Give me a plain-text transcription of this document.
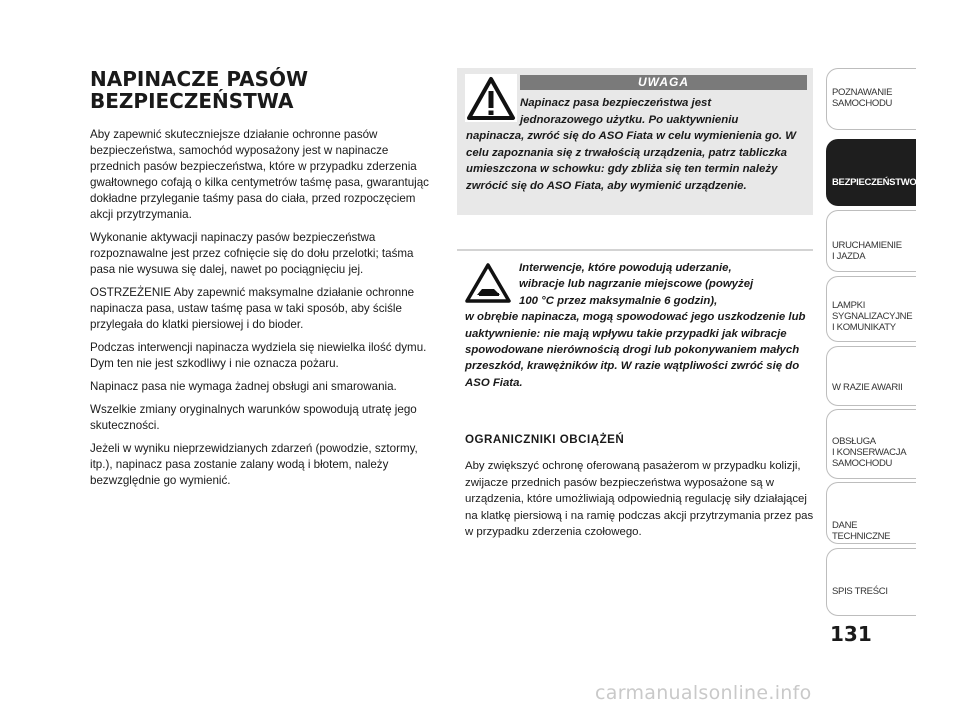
NAPINACZE PASÓW
BEZPIECZEŃSTWA

Aby zapewnić skuteczniejsze działanie ochronne pasów bezpieczeństwa, samochód wyposażony jest w napinacze przednich pasów bezpieczeństwa, które w przypadku zderzenia gwałtownego cofają o kilka centymetrów taśmę pasa, gwarantując dokładne przyleganie taśmy pasa do ciała, przed rozpoczęciem akcji przytrzymania.

Wykonanie aktywacji napinaczy pasów bezpieczeństwa rozpoznawalne jest przez cofnięcie się do dołu przelotki; taśma pasa nie wysuwa się dalej, nawet po pociągnięciu jej.

OSTRZEŻENIE Aby zapewnić maksymalne działanie ochronne napinacza pasa, ustaw taśmę pasa w taki sposób, aby ściśle przylegała do klatki piersiowej i do bioder.

Podczas interwencji napinacza wydziela się niewielka ilość dymu. Dym ten nie jest szkodliwy i nie oznacza pożaru.

Napinacz pasa nie wymaga żadnej obsługi ani smarowania.

Wszelkie zmiany oryginalnych warunków spowodują utratę jego skuteczności.

Jeżeli w wyniku nieprzewidzianych zdarzeń (powodzie, sztormy, itp.), napinacz pasa zostanie zalany wodą i błotem, należy bezwzględnie go wymienić.

UWAGA
Napinacz pasa bezpieczeństwa jest
jednorazowego użytku. Po uaktywnieniu
napinacza, zwróć się do ASO Fiata w celu wymienienia go. W celu zapoznania się z trwałością urządzenia, patrz tabliczka umieszczona w schowku: gdy zbliża się ten termin należy zwrócić się do ASO Fiata, aby wymienić urządzenie.
Interwencje, które powodują uderzanie,
wibracje lub nagrzanie miejscowe (powyżej
100 °C przez maksymalnie 6 godzin),
w obrębie napinacza, mogą spowodować jego uszkodzenie lub uaktywnienie: nie mają wpływu takie przypadki jak wibracje spowodowane nierównością drogi lub pokonywaniem małych przeszkód, krawężników itp. W razie wątpliwości zwróć się do ASO Fiata.
OGRANICZNIKI OBCIĄŻEŃ

Aby zwiększyć ochronę oferowaną pasażerom w przypadku kolizji, zwijacze przednich pasów bezpieczeństwa wyposażone są w urządzenia, które umożliwiają odpowiednią regulację siły działającej na klatkę piersiową i na ramię podczas akcji przytrzymania przez pas w przypadku zderzenia czołowego.

POZNAWANIE
SAMOCHODU

BEZPIECZEŃSTWO

URUCHAMIENIE
I JAZDA

LAMPKI
SYGNALIZACYJNE
I KOMUNIKATY

W RAZIE AWARII

OBSŁUGA
I KONSERWACJA
SAMOCHODU

DANE TECHNICZNE

SPIS TREŚCI

131
carmanualsonline.info
